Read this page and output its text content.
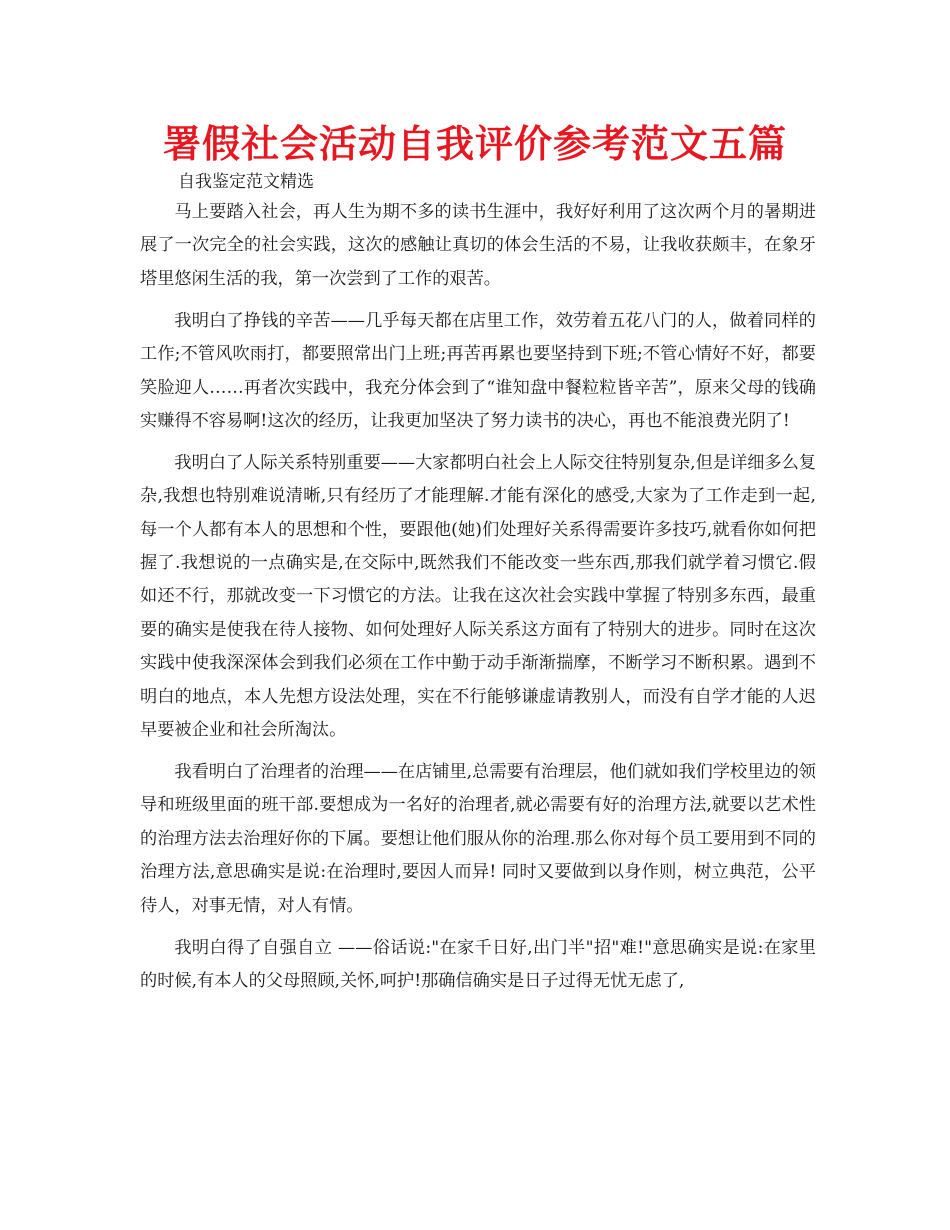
署假社会活动自我评价参考范文五篇

自我鉴定范文精选

马上要踏入社会，再人生为期不多的读书生涯中，我好好利用了这次两个月的暑期进展了一次完全的社会实践，这次的感触让真切的体会生活的不易，让我收获颇丰，在象牙塔里悠闲生活的我，第一次尝到了工作的艰苦。

我明白了挣钱的辛苦——几乎每天都在店里工作，效劳着五花八门的人，做着同样的工作;不管风吹雨打，都要照常出门上班;再苦再累也要坚持到下班;不管心情好不好，都要笑脸迎人……再者次实践中，我充分体会到了“谁知盘中餐粒粒皆辛苦”，原来父母的钱确实赚得不容易啊!这次的经历，让我更加坚决了努力读书的决心，再也不能浪费光阴了!

我明白了人际关系特别重要——大家都明白社会上人际交往特别复杂,但是详细多么复杂,我想也特别难说清晰,只有经历了才能理解.才能有深化的感受,大家为了工作走到一起, 每一个人都有本人的思想和个性，要跟他(她)们处理好关系得需要许多技巧,就看你如何把握了.我想说的一点确实是,在交际中,既然我们不能改变一些东西,那我们就学着习惯它.假如还不行，那就改变一下习惯它的方法。让我在这次社会实践中掌握了特别多东西，最重要的确实是使我在待人接物、如何处理好人际关系这方面有了特别大的进步。同时在这次实践中使我深深体会到我们必须在工作中勤于动手渐渐揣摩，不断学习不断积累。遇到不明白的地点，本人先想方设法处理，实在不行能够谦虚请教别人，而没有自学才能的人迟早要被企业和社会所淘汰。

我看明白了治理者的治理——在店铺里,总需要有治理层，他们就如我们学校里边的领导和班级里面的班干部.要想成为一名好的治理者,就必需要有好的治理方法,就要以艺术性的治理方法去治理好你的下属。要想让他们服从你的治理.那么你对每个员工要用到不同的治理方法,意思确实是说:在治理时,要因人而异! 同时又要做到以身作则，树立典范，公平待人，对事无情，对人有情。

我明白得了自强自立 ——俗话说:"在家千日好,出门半"招"难!"意思确实是说:在家里的时候,有本人的父母照顾,关怀,呵护!那确信确实是日子过得无忧无虑了,
